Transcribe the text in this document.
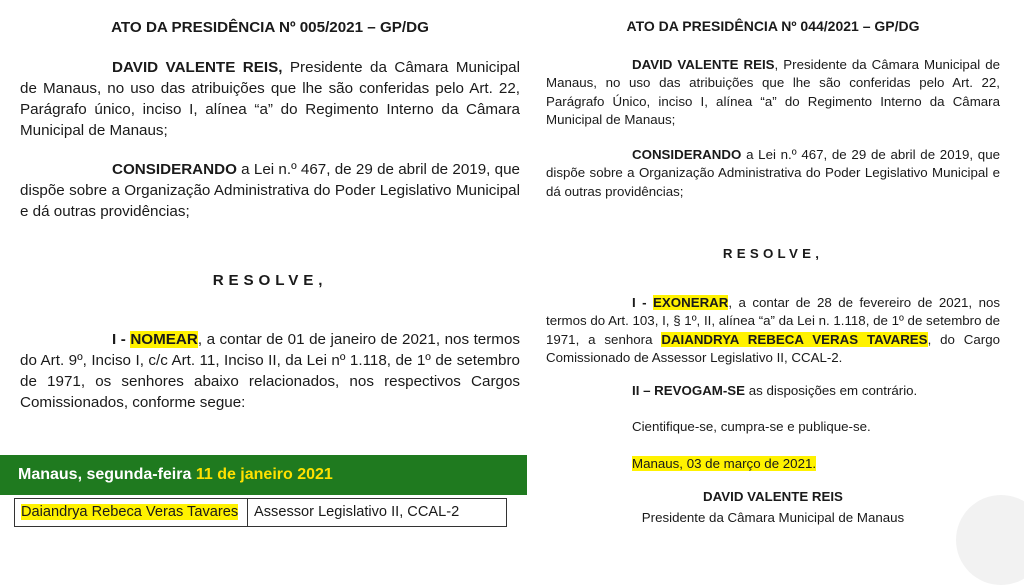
ATO DA PRESIDÊNCIA Nº 005/2021 – GP/DG

DAVID VALENTE REIS, Presidente da Câmara Municipal de Manaus, no uso das atribuições que lhe são conferidas pelo Art. 22, Parágrafo único, inciso I, alínea “a” do Regimento Interno da Câmara Municipal de Manaus;

CONSIDERANDO a Lei n.º 467, de 29 de abril de 2019, que dispõe sobre a Organização Administrativa do Poder Legislativo Municipal e dá outras providências;

RESOLVE,

I - NOMEAR, a contar de 01 de janeiro de 2021, nos termos do Art. 9º, Inciso I, c/c Art. 11, Inciso II, da Lei nº 1.118, de 1º de setembro de 1971, os senhores abaixo relacionados, nos respectivos Cargos Comissionados, conforme segue:

Manaus, segunda-feira 11 de janeiro 2021
Daiandrya Rebeca Veras Tavares	Assessor Legislativo II, CCAL-2

ATO DA PRESIDÊNCIA Nº 044/2021 – GP/DG

DAVID VALENTE REIS, Presidente da Câmara Municipal de Manaus, no uso das atribuições que lhe são conferidas pelo Art. 22, Parágrafo Único, inciso I, alínea “a” do Regimento Interno da Câmara Municipal de Manaus;

CONSIDERANDO a Lei n.º 467, de 29 de abril de 2019, que dispõe sobre a Organização Administrativa do Poder Legislativo Municipal e dá outras providências;

RESOLVE,

I - EXONERAR, a contar de 28 de fevereiro de 2021, nos termos do Art. 103, I, § 1º, II, alínea “a” da Lei n. 1.118, de 1º de setembro de 1971, a senhora DAIANDRYA REBECA VERAS TAVARES, do Cargo Comissionado de Assessor Legislativo II, CCAL-2.

II – REVOGAM-SE as disposições em contrário.

Cientifique-se, cumpra-se e publique-se.

Manaus, 03 de março de 2021.

DAVID VALENTE REIS

Presidente da Câmara Municipal de Manaus
